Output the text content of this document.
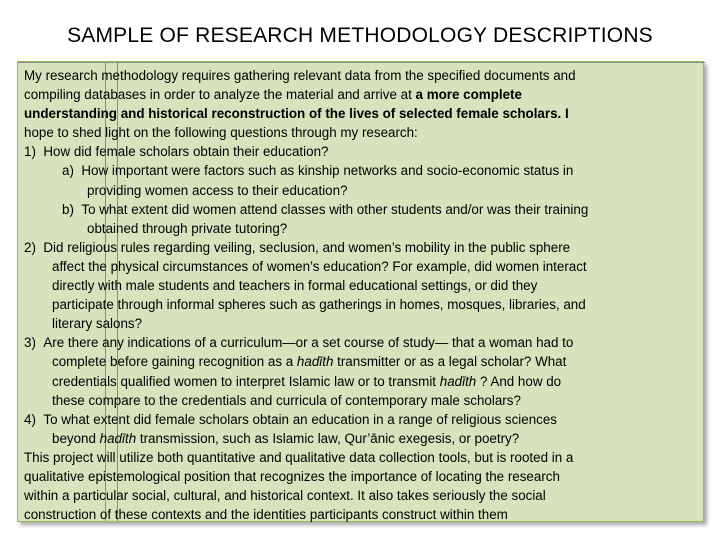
SAMPLE OF RESEARCH METHODOLOGY DESCRIPTIONS
My research methodology requires gathering relevant data from the specified documents and
compiling databases in order to analyze the material and arrive at a more complete
understanding and historical reconstruction of the lives of selected female scholars. I
hope to shed light on the following questions through my research:
1) How did female scholars obtain their education?
a) How important were factors such as kinship networks and socio-economic status in
providing women access to their education?
b) To what extent did women attend classes with other students and/or was their training
obtained through private tutoring?
2) Did religious rules regarding veiling, seclusion, and women’s mobility in the public sphere
affect the physical circumstances of women’s education? For example, did women interact
directly with male students and teachers in formal educational settings, or did they
participate through informal spheres such as gatherings in homes, mosques, libraries, and
literary salons?
3) Are there any indications of a curriculum—or a set course of study— that a woman had to
complete before gaining recognition as a hadīth transmitter or as a legal scholar? What
credentials qualified women to interpret Islamic law or to transmit hadīth ? And how do
these compare to the credentials and curricula of contemporary male scholars?
4) To what extent did female scholars obtain an education in a range of religious sciences
beyond hadīth transmission, such as Islamic law, Qur’ānic exegesis, or poetry?
This project will utilize both quantitative and qualitative data collection tools, but is rooted in a
qualitative epistemological position that recognizes the importance of locating the research
within a particular social, cultural, and historical context. It also takes seriously the social
construction of these contexts and the identities participants construct within them
